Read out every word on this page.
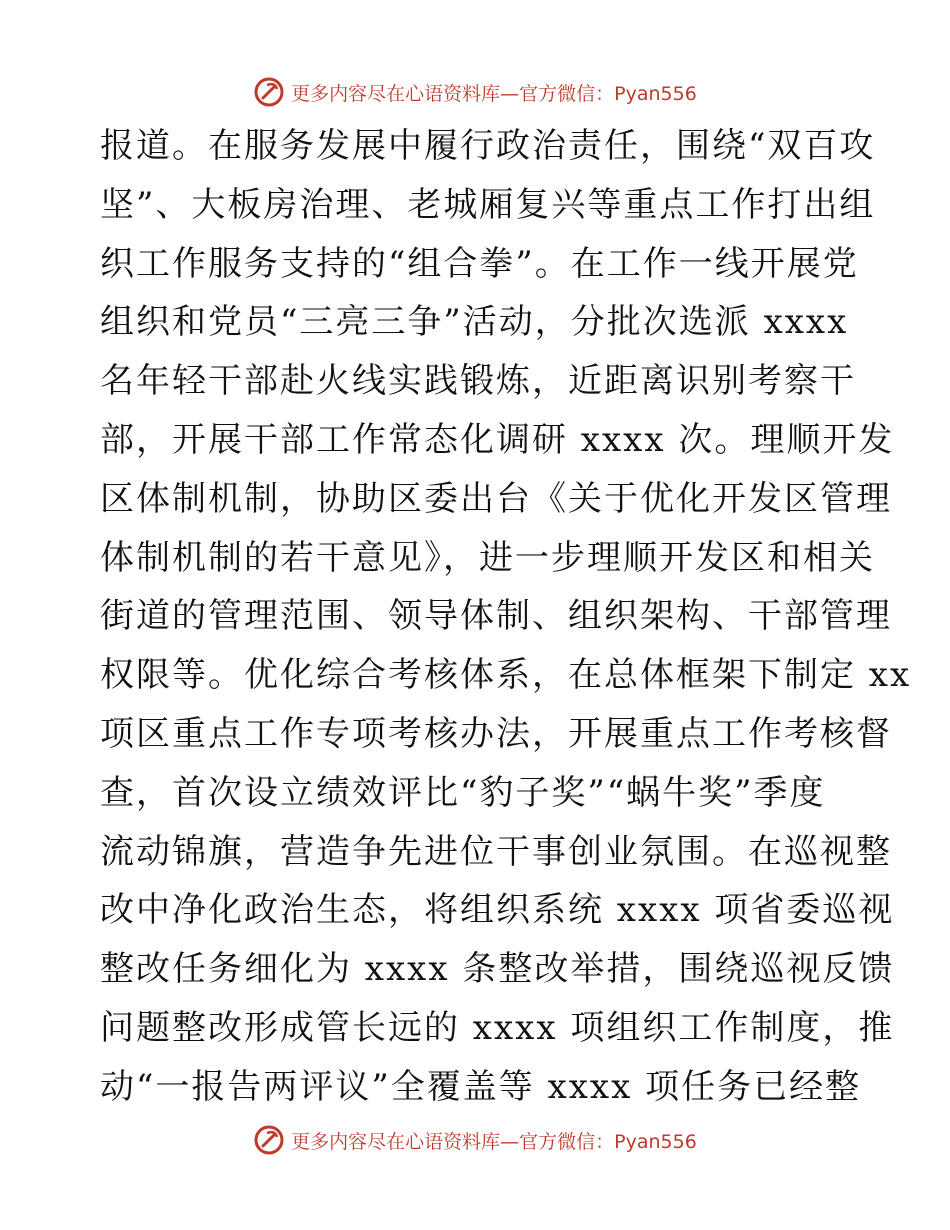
更多内容尽在心语资料库—官方微信：Pyan556
报道。在服务发展中履行政治责任，围绕“双百攻
坚”、大板房治理、老城厢复兴等重点工作打出组
织工作服务支持的“组合拳”。在工作一线开展党
组织和党员“三亮三争”活动，分批次选派 xxxx
名年轻干部赴火线实践锻炼，近距离识别考察干
部，开展干部工作常态化调研 xxxx 次。理顺开发
区体制机制，协助区委出台《关于优化开发区管理
体制机制的若干意见》，进一步理顺开发区和相关
街道的管理范围、领导体制、组织架构、干部管理
权限等。优化综合考核体系，在总体框架下制定 xx
项区重点工作专项考核办法，开展重点工作考核督
查，首次设立绩效评比“豹子奖”“蜗牛奖”季度
流动锦旗，营造争先进位干事创业氛围。在巡视整
改中净化政治生态，将组织系统 xxxx 项省委巡视
整改任务细化为 xxxx 条整改举措，围绕巡视反馈
问题整改形成管长远的 xxxx 项组织工作制度，推
动“一报告两评议”全覆盖等 xxxx 项任务已经整
更多内容尽在心语资料库—官方微信：Pyan556
